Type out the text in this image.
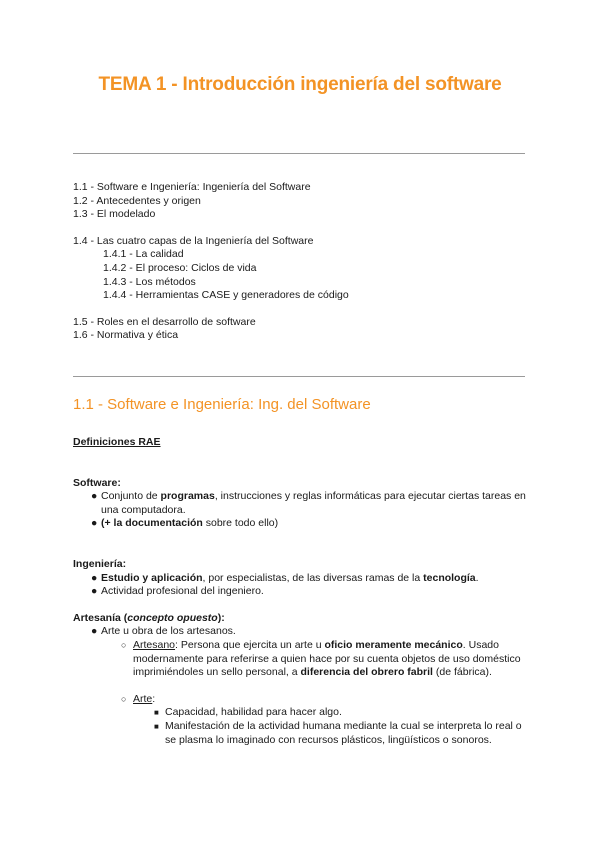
TEMA 1 - Introducción ingeniería del software
1.1 - Software e Ingeniería: Ingeniería del Software
1.2 - Antecedentes y origen
1.3 - El modelado
1.4 - Las cuatro capas de la Ingeniería del Software
1.4.1 - La calidad
1.4.2 - El proceso: Ciclos de vida
1.4.3 - Los métodos
1.4.4 - Herramientas CASE y generadores de código
1.5 - Roles en el desarrollo de software
1.6 - Normativa y ética
1.1 - Software e Ingeniería: Ing. del Software
Definiciones RAE
Software:
● Conjunto de programas, instrucciones y reglas informáticas para ejecutar ciertas tareas en una computadora.
● (+ la documentación sobre todo ello)
Ingeniería:
● Estudio y aplicación, por especialistas, de las diversas ramas de la tecnología.
● Actividad profesional del ingeniero.
Artesanía (concepto opuesto):
● Arte u obra de los artesanos.
○ Artesano: Persona que ejercita un arte u oficio meramente mecánico. Usado modernamente para referirse a quien hace por su cuenta objetos de uso doméstico imprimiéndoles un sello personal, a diferencia del obrero fabril (de fábrica).
○ Arte:
■ Capacidad, habilidad para hacer algo.
■ Manifestación de la actividad humana mediante la cual se interpreta lo real o se plasma lo imaginado con recursos plásticos, lingüísticos o sonoros.
